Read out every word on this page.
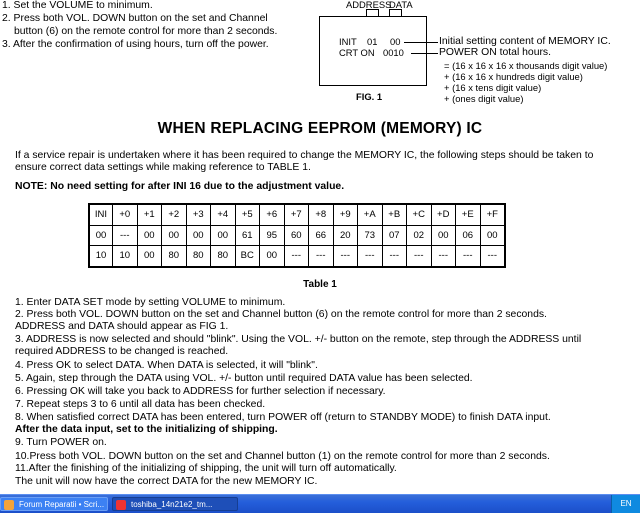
1. Set the VOLUME to minimum.
2. Press both VOL. DOWN button on the set and Channel
button (6) on the remote control for more than 2 seconds.
3. After the confirmation of using hours, turn off the power.
ADDRESS
DATA
INIT 01 00
CRT ON 0010
Initial setting content of MEMORY IC.
POWER ON total hours.
= (16 x 16 x 16 x thousands digit value)
+ (16 x 16 x hundreds digit value)
+ (16 x tens digit value)
+ (ones digit value)
FIG. 1
WHEN REPLACING EEPROM (MEMORY) IC
If a service repair is undertaken where it has been required to change the MEMORY IC, the following steps should be taken to
ensure correct data settings while making reference to TABLE 1.
NOTE: No need setting for after INI 16 due to the adjustment value.
INI	+0	+1	+2	+3	+4	+5	+6	+7	+8	+9	+A	+B	+C	+D	+E	+F
00	---	00	00	00	00	61	95	60	66	20	73	07	02	00	06	00
10	10	00	80	80	80	BC	00	---	---	---	---	---	---	---	---	---
Table 1
1. Enter DATA SET mode by setting VOLUME to minimum.
2. Press both VOL. DOWN button on the set and Channel button (6) on the remote control for more than 2 seconds.
ADDRESS and DATA should appear as FIG 1.
3. ADDRESS is now selected and should "blink". Using the VOL. +/- button on the remote, step through the ADDRESS until
required ADDRESS to be changed is reached.
4. Press OK to select DATA. When DATA is selected, it will "blink".
5. Again, step through the DATA using VOL. +/- button until required DATA value has been selected.
6. Pressing OK will take you back to ADDRESS for further selection if necessary.
7. Repeat steps 3 to 6 until all data has been checked.
8. When satisfied correct DATA has been entered, turn POWER off (return to STANDBY MODE) to finish DATA input.
After the data input, set to the initializing of shipping.
9. Turn POWER on.
10.Press both VOL. DOWN button on the set and Channel button (1) on the remote control for more than 2 seconds.
11.After the finishing of the initializing of shipping, the unit will turn off automatically.
The unit will now have the correct DATA for the new MEMORY IC.
Forum Reparatii • Scri...	toshiba_14n21e2_tm...	EN
